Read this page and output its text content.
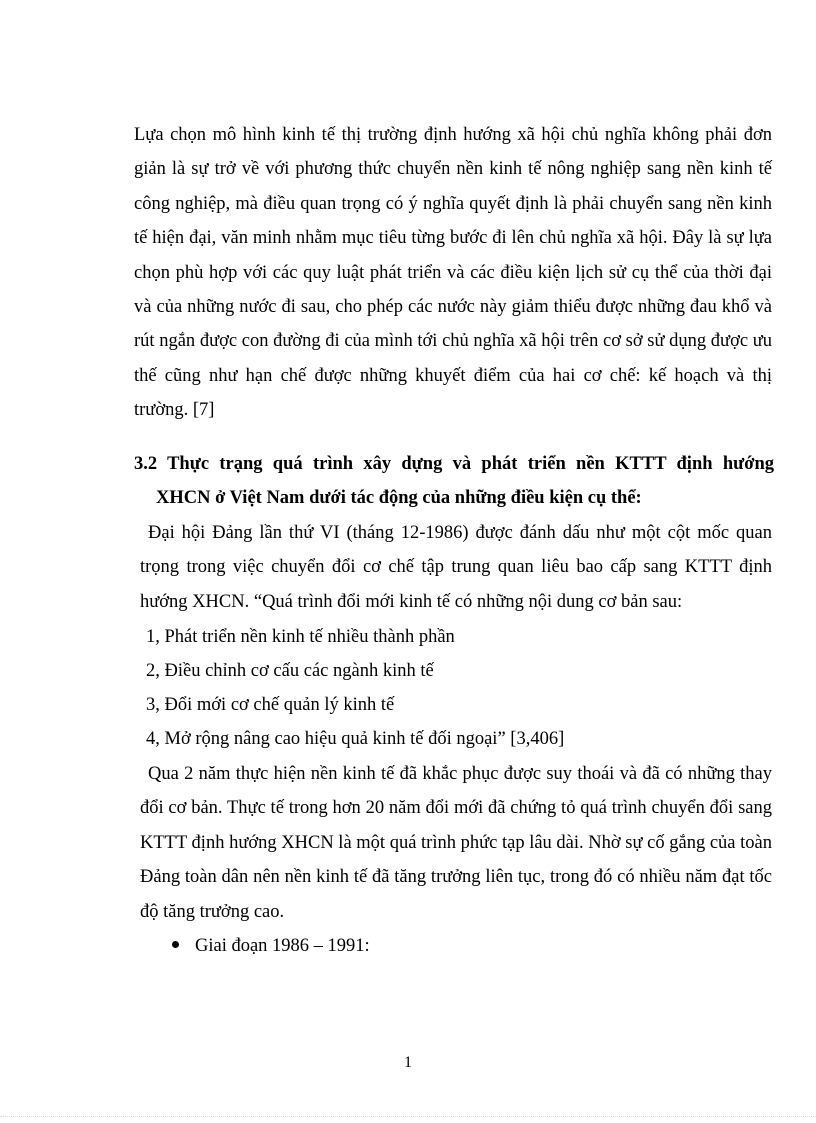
Lựa chọn mô hình kinh tế thị trường định hướng xã hội chủ nghĩa không phải đơn giản là sự trở về với phương thức chuyển nền kinh tế nông nghiệp sang nền kinh tế công nghiệp, mà điều quan trọng có ý nghĩa quyết định là phải chuyển sang nền kinh tế hiện đại, văn minh nhằm mục tiêu từng bước đi lên chủ nghĩa xã hội. Đây là sự lựa chọn phù hợp với các quy luật phát triển và các điều kiện lịch sử cụ thể của thời đại và của những nước đi sau, cho phép các nước này giảm thiểu được những đau khổ và rút ngắn được con đường đi của mình tới chủ nghĩa xã hội trên cơ sở sử dụng được ưu thế cũng như hạn chế được những khuyết điểm của hai cơ chế: kế hoạch và thị trường. [7]

3.2 Thực trạng quá trình xây dựng và phát triển nền KTTT định hướng
XHCN ở Việt Nam dưới tác động của những điều kiện cụ thể:

Đại hội Đảng lần thứ VI (tháng 12-1986) được đánh dấu như một cột mốc quan trọng trong việc chuyển đổi cơ chế tập trung quan liêu bao cấp sang KTTT định hướng XHCN. “Quá trình đổi mới kinh tế có những nội dung cơ bản sau:

1, Phát triển nền kinh tế nhiều thành phần

2, Điều chỉnh cơ cấu các ngành kinh tế

3, Đổi mới cơ chế quản lý kinh tế

4, Mở rộng nâng cao hiệu quả kinh tế đối ngoại” [3,406]

Qua 2 năm thực hiện nền kinh tế đã khắc phục được suy thoái và đã có những thay đổi cơ bản. Thực tế trong hơn 20 năm đổi mới đã chứng tỏ quá trình chuyển đổi sang KTTT định hướng XHCN là một quá trình phức tạp lâu dài. Nhờ sự cố gắng của toàn Đảng toàn dân nên nền kinh tế đã tăng trưởng liên tục, trong đó có nhiều năm đạt tốc độ tăng trưởng cao.

Giai đoạn 1986 – 1991:
1
